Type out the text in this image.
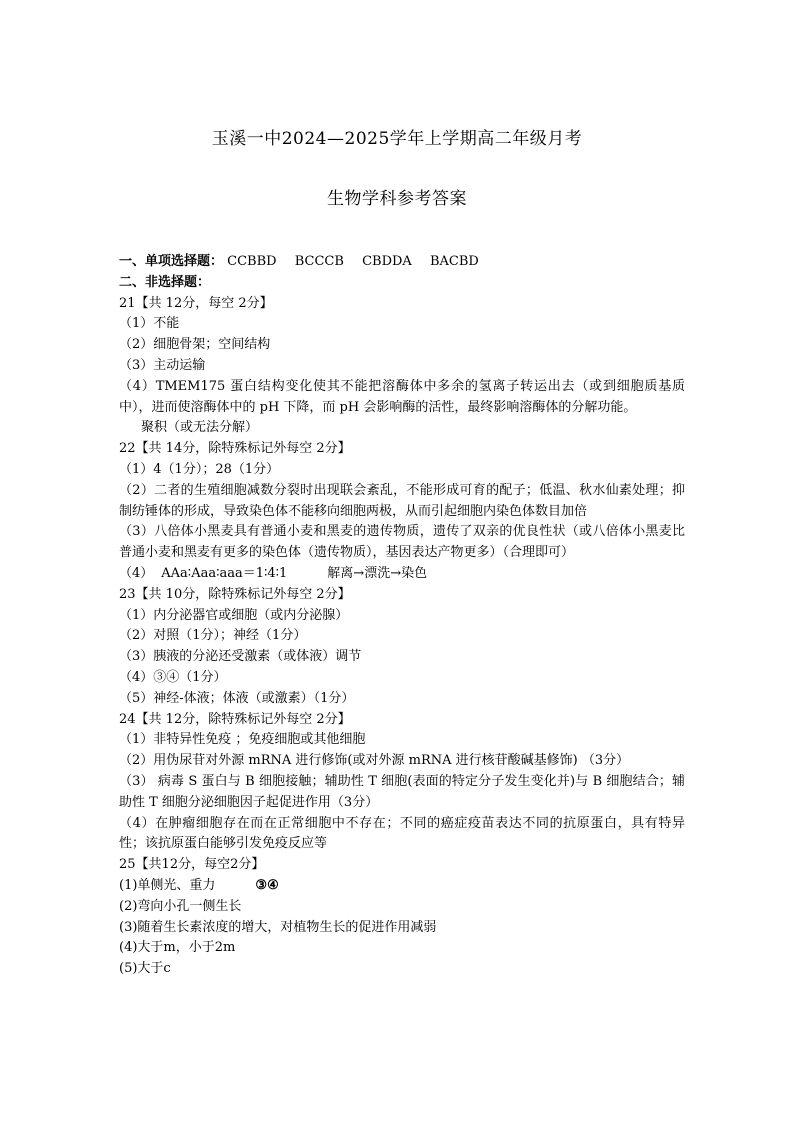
玉溪一中2024—2025学年上学期高二年级月考
生物学科参考答案

一、单项选择题： CCBBD BCCCB CBDDA BACBD

二、非选择题：

21【共 12分，每空 2分】

（1）不能

（2）细胞骨架；空间结构

（3）主动运输

（4）TMEM175 蛋白结构变化使其不能把溶酶体中多余的氢离子转运出去（或到细胞质基质中），进而使溶酶体中的 pH 下降，而 pH 会影响酶的活性，最终影响溶酶体的分解功能。

聚积（或无法分解）

22【共 14分，除特殊标记外每空 2分】

（1）4（1分）；28（1分）

（2）二者的生殖细胞减数分裂时出现联会紊乱，不能形成可育的配子；低温、秋水仙素处理；抑制纺锤体的形成，导致染色体不能移向细胞两极，从而引起细胞内染色体数目加倍

（3）八倍体小黑麦具有普通小麦和黑麦的遗传物质，遗传了双亲的优良性状（或八倍体小黑麦比普通小麦和黑麦有更多的染色体（遗传物质），基因表达产物更多）（合理即可）

（4） AAa∶Aaa∶aaa＝1∶4∶1	解离→漂洗→染色

23【共 10分，除特殊标记外每空 2分】

（1）内分泌器官或细胞（或内分泌腺）

（2）对照（1分）；神经（1分）

（3）胰液的分泌还受激素（或体液）调节

（4）③④（1分）

（5）神经-体液；体液（或激素）（1分）

24【共 12分，除特殊标记外每空 2分】

（1）非特异性免疫 ；免疫细胞或其他细胞

（2）用伪尿苷对外源 mRNA 进行修饰(或对外源 mRNA 进行核苷酸碱基修饰) （3分）

（3） 病毒 S 蛋白与 B 细胞接触；辅助性 T 细胞(表面的特定分子发生变化并)与 B 细胞结合；辅助性 T 细胞分泌细胞因子起促进作用（3分）

（4）在肿瘤细胞存在而在正常细胞中不存在；不同的癌症疫苗表达不同的抗原蛋白，具有特异性；该抗原蛋白能够引发免疫反应等

25【共12分，每空2分】

(1)单侧光、重力	③④

(2)弯向小孔一侧生长

(3)随着生长素浓度的增大，对植物生长的促进作用减弱

(4)大于m，小于2m

(5)大于c
